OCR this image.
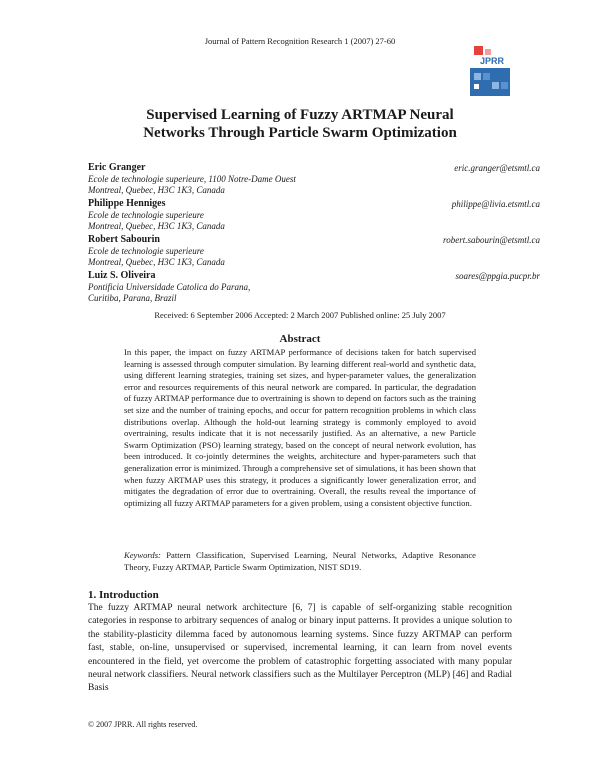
Journal of Pattern Recognition Research 1 (2007) 27-60
JPRR
Supervised Learning of Fuzzy ARTMAP Neural
Networks Through Particle Swarm Optimization
Eric Granger	eric.granger@etsmtl.ca
Ecole de technologie superieure, 1100 Notre-Dame Ouest
Montreal, Quebec, H3C 1K3, Canada
Philippe Henniges	philippe@livia.etsmtl.ca
Ecole de technologie superieure
Montreal, Quebec, H3C 1K3, Canada
Robert Sabourin	robert.sabourin@etsmtl.ca
Ecole de technologie superieure
Montreal, Quebec, H3C 1K3, Canada
Luiz S. Oliveira	soares@ppgia.pucpr.br
Pontificia Universidade Catolica do Parana,
Curitiba, Parana, Brazil
Received: 6 September 2006 Accepted: 2 March 2007 Published online: 25 July 2007
Abstract
In this paper, the impact on fuzzy ARTMAP performance of decisions taken for batch supervised learning is assessed through computer simulation. By learning different real-world and synthetic data, using different learning strategies, training set sizes, and hyper-parameter values, the generalization error and resources requirements of this neural network are compared. In particular, the degradation of fuzzy ARTMAP performance due to overtraining is shown to depend on factors such as the training set size and the number of training epochs, and occur for pattern recognition problems in which class distributions overlap. Although the hold-out learning strategy is commonly employed to avoid overtraining, results indicate that it is not necessarily justified. As an alternative, a new Particle Swarm Optimization (PSO) learning strategy, based on the concept of neural network evolution, has been introduced. It co-jointly determines the weights, architecture and hyper-parameters such that generalization error is minimized. Through a comprehensive set of simulations, it has been shown that when fuzzy ARTMAP uses this strategy, it produces a significantly lower generalization error, and mitigates the degradation of error due to overtraining. Overall, the results reveal the importance of optimizing all fuzzy ARTMAP parameters for a given problem, using a consistent objective function.
Keywords: Pattern Classification, Supervised Learning, Neural Networks, Adaptive Resonance Theory, Fuzzy ARTMAP, Particle Swarm Optimization, NIST SD19.
1. Introduction
The fuzzy ARTMAP neural network architecture [6, 7] is capable of self-organizing stable recognition categories in response to arbitrary sequences of analog or binary input patterns. It provides a unique solution to the stability-plasticity dilemma faced by autonomous learning systems. Since fuzzy ARTMAP can perform fast, stable, on-line, unsupervised or supervised, incremental learning, it can learn from novel events encountered in the field, yet overcome the problem of catastrophic forgetting associated with many popular neural network classifiers. Neural network classifiers such as the Multilayer Perceptron (MLP) [46] and Radial Basis
© 2007 JPRR. All rights reserved.
